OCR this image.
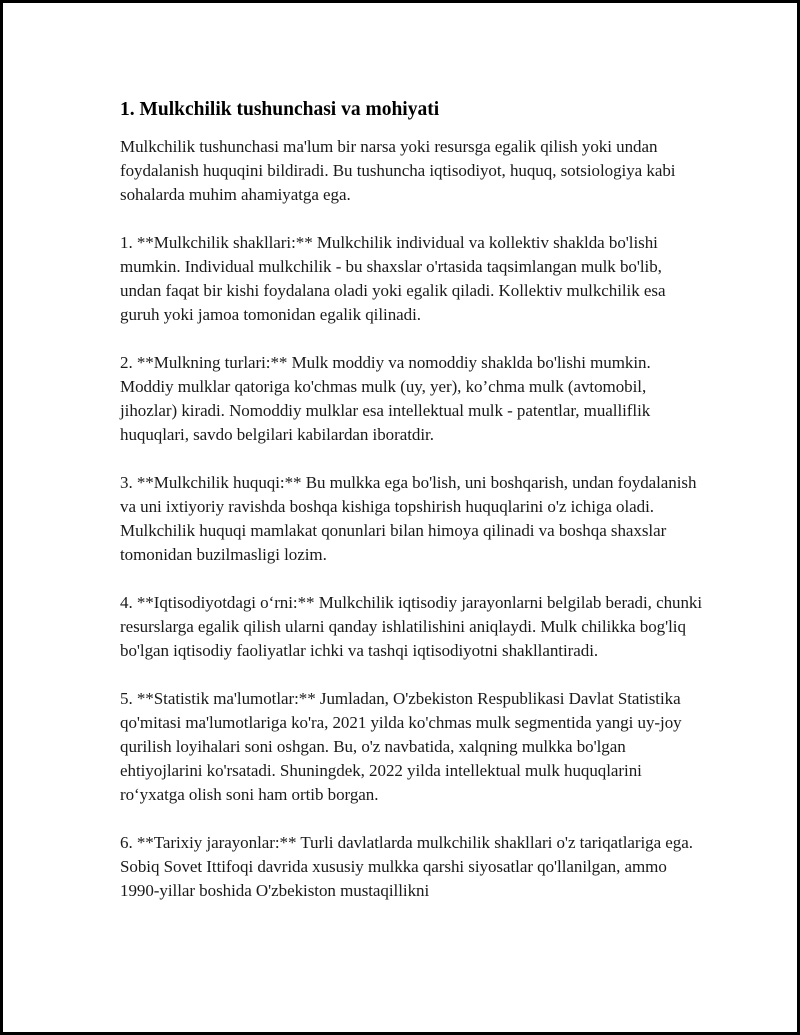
1. Mulkchilik tushunchasi va mohiyati

Mulkchilik tushunchasi ma'lum bir narsa yoki resursga egalik qilish yoki undan foydalanish huquqini bildiradi. Bu tushuncha iqtisodiyot, huquq, sotsiologiya kabi sohalarda muhim ahamiyatga ega.

1. **Mulkchilik shakllari:** Mulkchilik individual va kollektiv shaklda bo'lishi mumkin. Individual mulkchilik - bu shaxslar o'rtasida taqsimlangan mulk bo'lib, undan faqat bir kishi foydalana oladi yoki egalik qiladi. Kollektiv mulkchilik esa guruh yoki jamoa tomonidan egalik qilinadi.

2. **Mulkning turlari:** Mulk moddiy va nomoddiy shaklda bo'lishi mumkin. Moddiy mulklar qatoriga ko'chmas mulk (uy, yer), ko’chma mulk (avtomobil, jihozlar) kiradi. Nomoddiy mulklar esa intellektual mulk - patentlar, mualliflik huquqlari, savdo belgilari kabilardan iboratdir.

3. **Mulkchilik huquqi:** Bu mulkka ega bo'lish, uni boshqarish, undan foydalanish va uni ixtiyoriy ravishda boshqa kishiga topshirish huquqlarini o'z ichiga oladi. Mulkchilik huquqi mamlakat qonunlari bilan himoya qilinadi va boshqa shaxslar tomonidan buzilmasligi lozim.

4. **Iqtisodiyotdagi o‘rni:** Mulkchilik iqtisodiy jarayonlarni belgilab beradi, chunki resurslarga egalik qilish ularni qanday ishlatilishini aniqlaydi. Mulk chilikka bog'liq bo'lgan iqtisodiy faoliyatlar ichki va tashqi iqtisodiyotni shakllantiradi.

5. **Statistik ma'lumotlar:** Jumladan, O'zbekiston Respublikasi Davlat Statistika qo'mitasi ma'lumotlariga ko'ra, 2021 yilda ko'chmas mulk segmentida yangi uy-joy qurilish loyihalari soni oshgan. Bu, o'z navbatida, xalqning mulkka bo'lgan ehtiyojlarini ko'rsatadi. Shuningdek, 2022 yilda intellektual mulk huquqlarini ro‘yxatga olish soni ham ortib borgan.

6. **Tarixiy jarayonlar:** Turli davlatlarda mulkchilik shakllari o'z tariqatlariga ega. Sobiq Sovet Ittifoqi davrida xususiy mulkka qarshi siyosatlar qo'llanilgan, ammo 1990-yillar boshida O'zbekiston mustaqillikni
